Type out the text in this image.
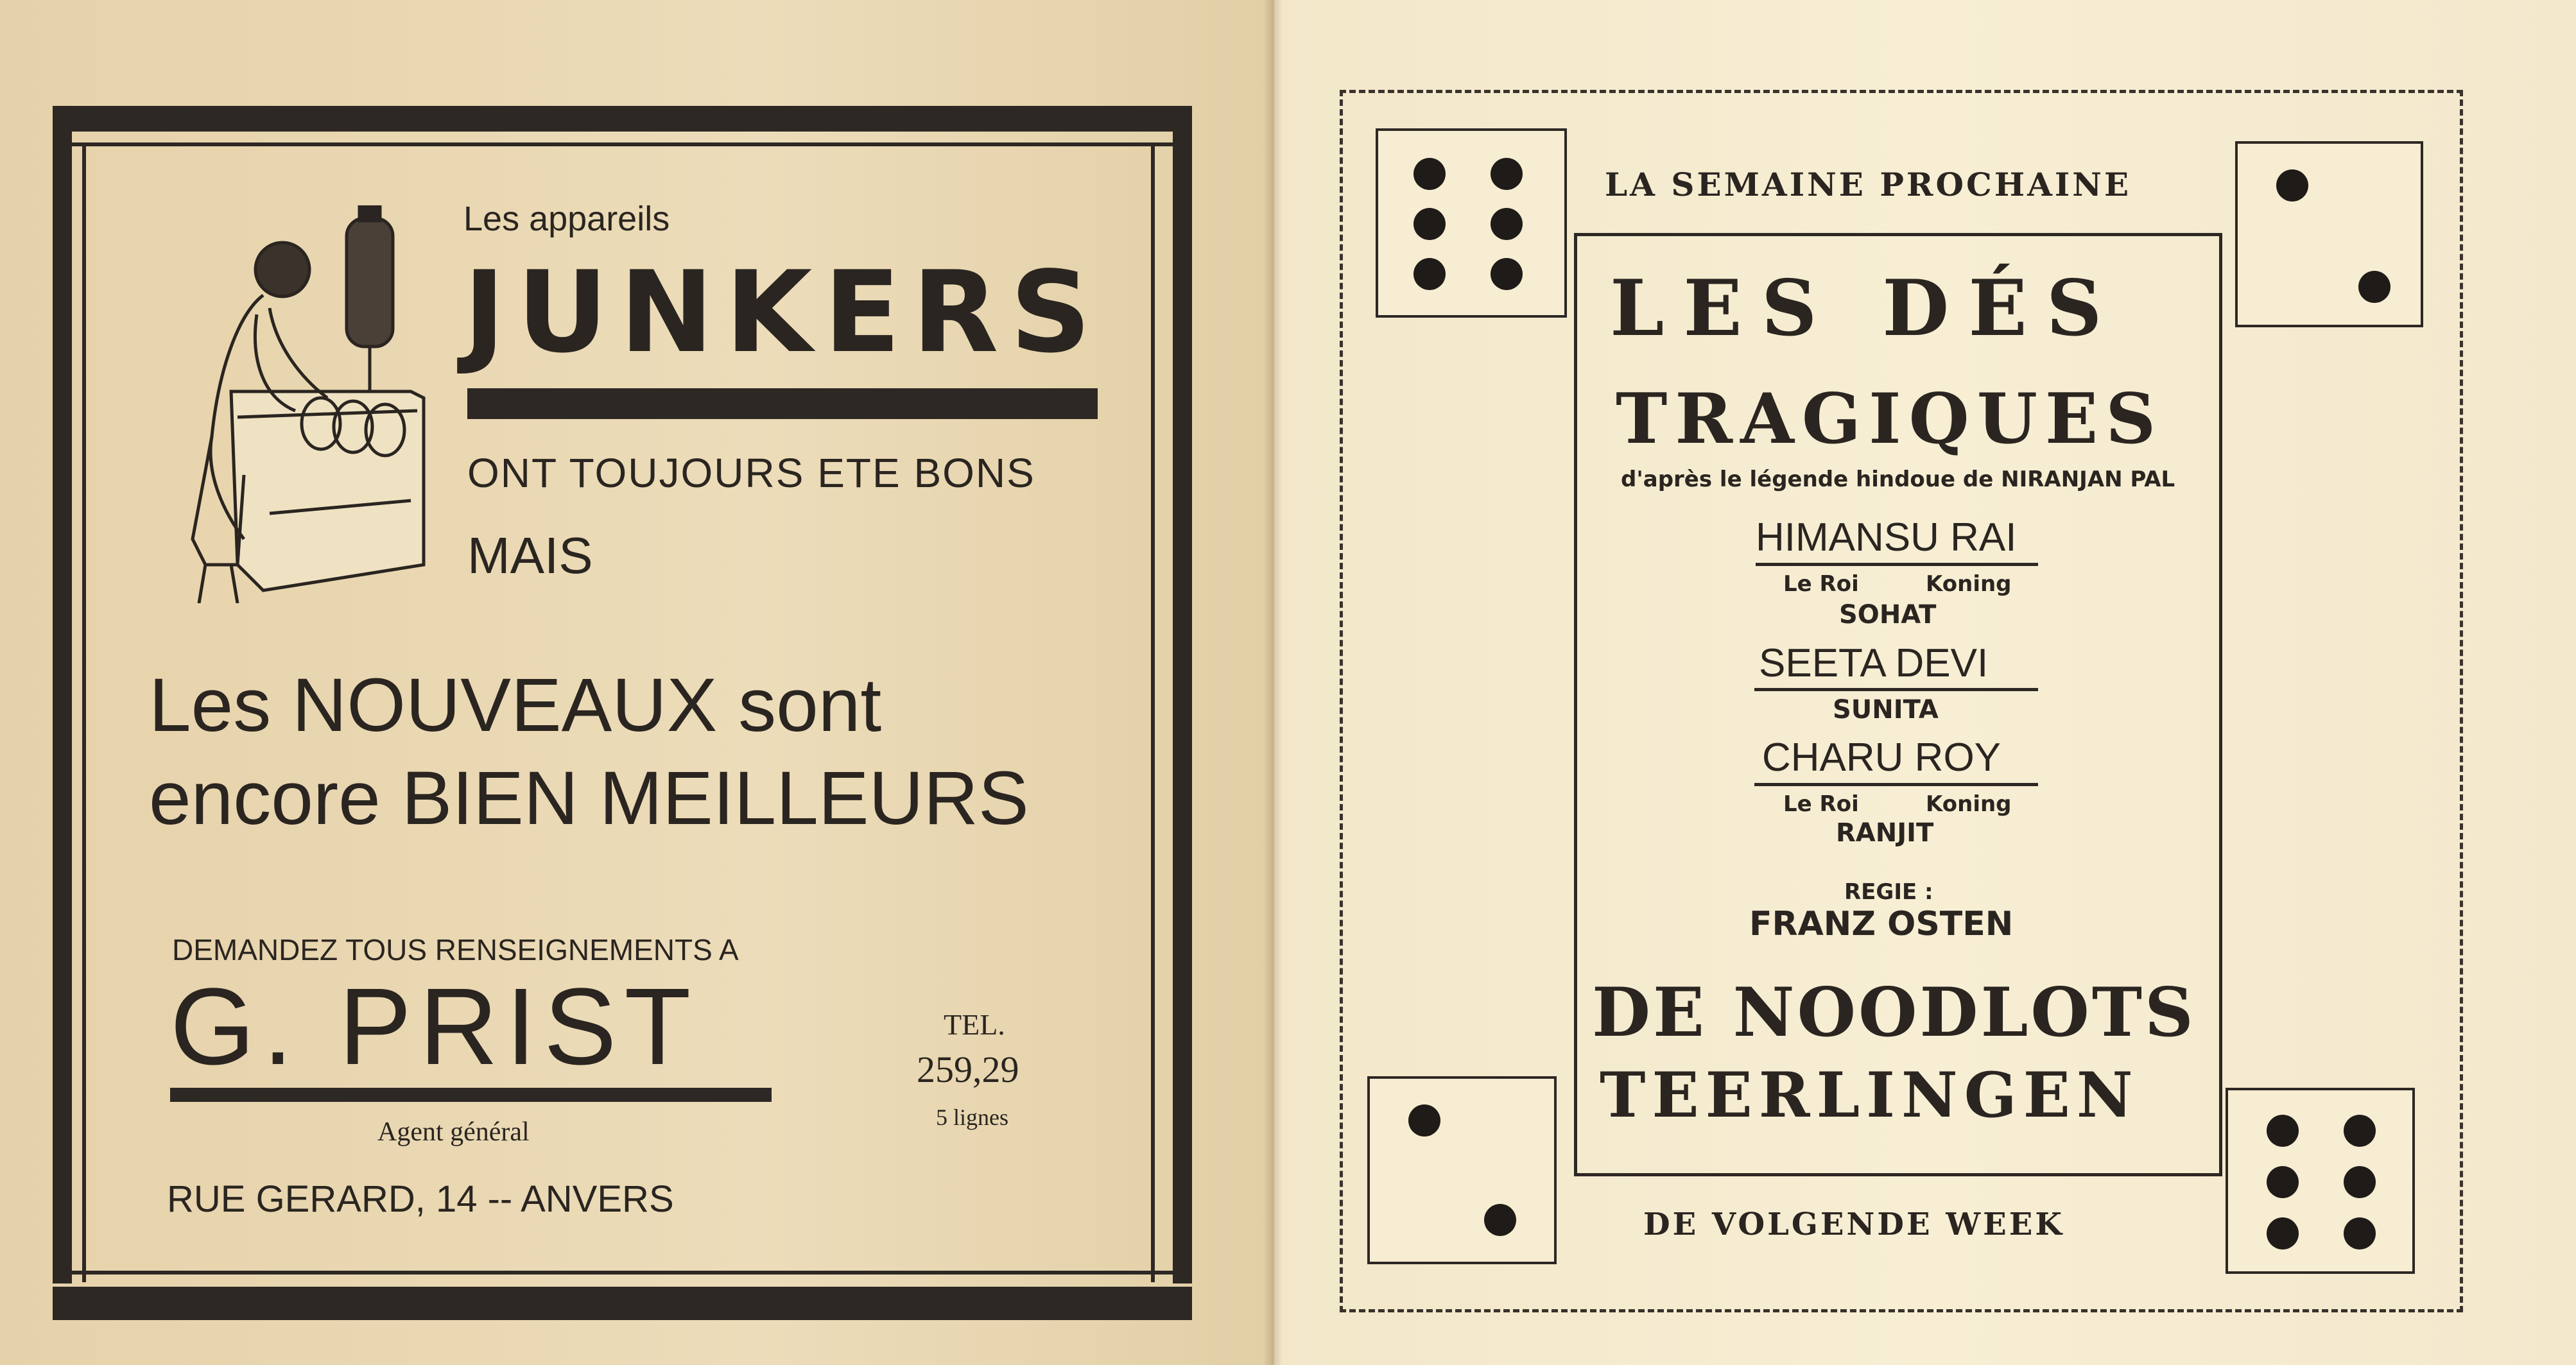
Les appareils
JUNKERS
ONT TOUJOURS ETE BONS
MAIS
Les NOUVEAUX sont
encore BIEN MEILLEURS
DEMANDEZ TOUS RENSEIGNEMENTS A
G. PRIST
Agent général
TEL.
259,29
5 lignes
RUE GERARD, 14 -- ANVERS
LA SEMAINE PROCHAINE
LES DÉS
TRAGIQUES
d'après le légende hindoue de NIRANJAN PAL
HIMANSU RAI
Le Roi	Koning
SOHAT
SEETA DEVI
SUNITA
CHARU ROY
Le Roi	Koning
RANJIT
REGIE :
FRANZ OSTEN
DE NOODLOTS
TEERLINGEN
DE VOLGENDE WEEK
